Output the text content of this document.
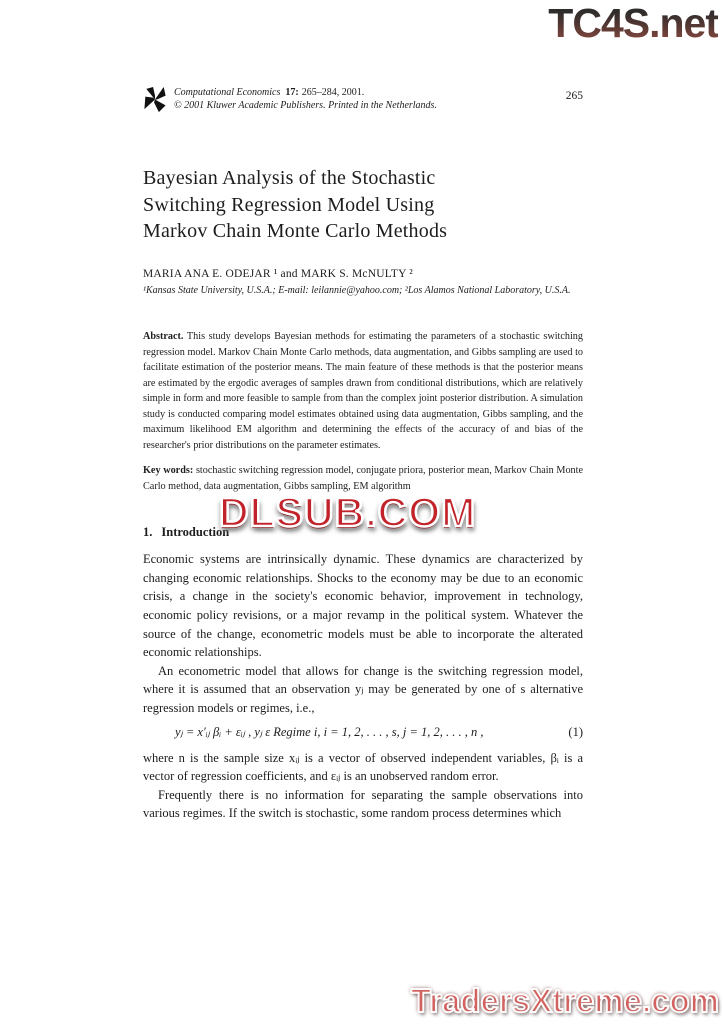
TC4S.net
Computational Economics 17: 265–284, 2001.
© 2001 Kluwer Academic Publishers. Printed in the Netherlands.
265
Bayesian Analysis of the Stochastic
Switching Regression Model Using
Markov Chain Monte Carlo Methods
MARIA ANA E. ODEJAR ¹ and MARK S. McNULTY ²
¹Kansas State University, U.S.A.; E-mail: leilannie@yahoo.com; ²Los Alamos National Laboratory, U.S.A.

Abstract. This study develops Bayesian methods for estimating the parameters of a stochastic switching regression model. Markov Chain Monte Carlo methods, data augmentation, and Gibbs sampling are used to facilitate estimation of the posterior means. The main feature of these methods is that the posterior means are estimated by the ergodic averages of samples drawn from conditional distributions, which are relatively simple in form and more feasible to sample from than the complex joint posterior distribution. A simulation study is conducted comparing model estimates obtained using data augmentation, Gibbs sampling, and the maximum likelihood EM algorithm and determining the effects of the accuracy of and bias of the researcher's prior distributions on the parameter estimates.

Key words: stochastic switching regression model, conjugate priora, posterior mean, Markov Chain Monte Carlo method, data augmentation, Gibbs sampling, EM algorithm

1. Introduction

Economic systems are intrinsically dynamic. These dynamics are characterized by changing economic relationships. Shocks to the economy may be due to an economic crisis, a change in the society's economic behavior, improvement in technology, economic policy revisions, or a major revamp in the political system. Whatever the source of the change, econometric models must be able to incorporate the alterated economic relationships.

An econometric model that allows for change is the switching regression model, where it is assumed that an observation yⱼ may be generated by one of s alternative regression models or regimes, i.e.,

yⱼ = x′ᵢⱼ βᵢ + εᵢⱼ , yⱼ ε Regime i, i = 1, 2, . . . , s, j = 1, 2, . . . , n ,	(1)

where n is the sample size xᵢⱼ is a vector of observed independent variables, βᵢ is a vector of regression coefficients, and εᵢⱼ is an unobserved random error.

Frequently there is no information for separating the sample observations into various regimes. If the switch is stochastic, some random process determines which

DLSUB.COM
TradersXtreme.com
